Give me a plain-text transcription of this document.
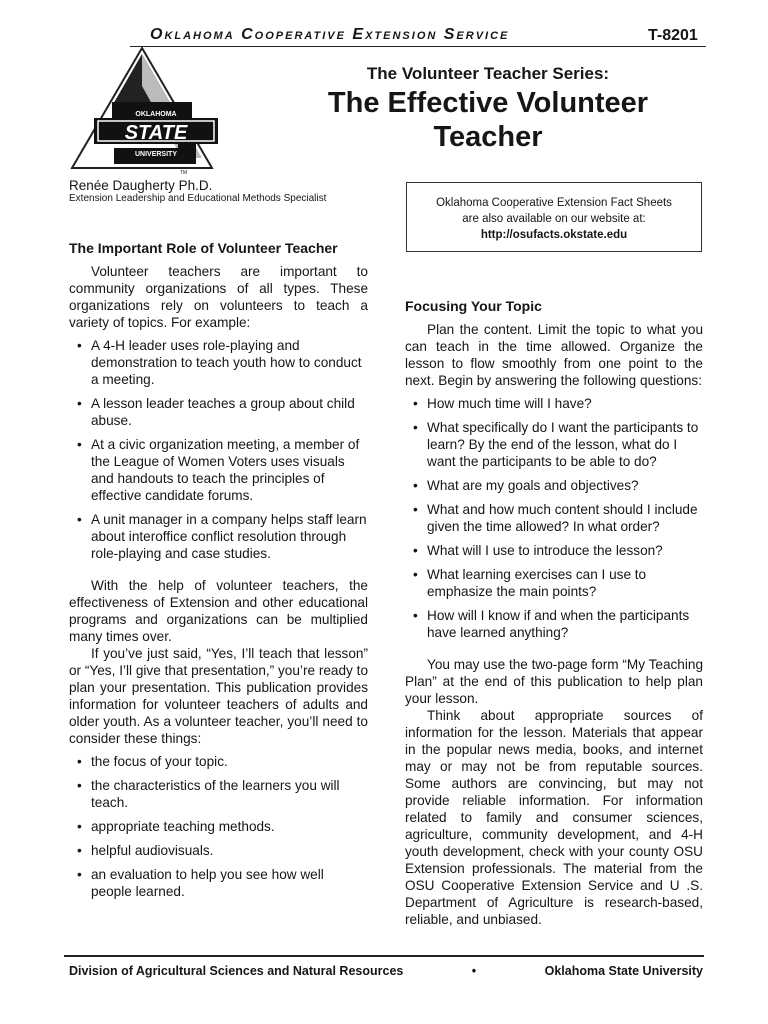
Oklahoma Cooperative Extension Service	T-8201
OKLAHOMA
STATE
UNIVERSITY
TM
The Volunteer Teacher Series:
The Effective Volunteer
Teacher
Renée Daugherty Ph.D.
Extension Leadership and Educational Methods Specialist	Oklahoma Cooperative Extension Fact Sheets
are also available on our website at:
http://osufacts.okstate.edu
The Important Role of Volunteer Teacher

Volunteer teachers are important to community organizations of all types. These organizations rely on volunteers to teach a variety of topics. For example:

• A 4-H leader uses role-playing and demonstration to teach youth how to conduct a meeting.
• A lesson leader teaches a group about child abuse.
• At a civic organization meeting, a member of the League of Women Voters uses visuals and handouts to teach the principles of effective candidate forums.
• A unit manager in a company helps staff learn about interoffice conflict resolution through role-playing and case studies.

With the help of volunteer teachers, the effectiveness of Extension and other educational programs and organizations can be multiplied many times over.

If you’ve just said, “Yes, I’ll teach that lesson” or “Yes, I’ll give that presentation,” you’re ready to plan your presentation. This publication provides information for volunteer teachers of adults and older youth. As a volunteer teacher, you’ll need to consider these things:

• the focus of your topic.
• the characteristics of the learners you will teach.
• appropriate teaching methods.
• helpful audiovisuals.
• an evaluation to help you see how well people learned.
Focusing Your Topic

Plan the content. Limit the topic to what you can teach in the time allowed. Organize the lesson to flow smoothly from one point to the next. Begin by answering the following questions:

• How much time will I have?
• What specifically do I want the participants to learn? By the end of the lesson, what do I want the participants to be able to do?
• What are my goals and objectives?
• What and how much content should I include given the time allowed? In what order?
• What will I use to introduce the lesson?
• What learning exercises can I use to emphasize the main points?
• How will I know if and when the participants have learned anything?

You may use the two-page form “My Teaching Plan” at the end of this publication to help plan your lesson.

Think about appropriate sources of information for the lesson. Materials that appear in the popular news media, books, and internet may or may not be from reputable sources. Some authors are convincing, but may not provide reliable information. For information related to family and consumer sciences, agriculture, community development, and 4-H youth development, check with your county OSU Extension professionals. The material from the OSU Cooperative Extension Service and U .S. Department of Agriculture is research-based, reliable, and unbiased.

Division of Agricultural Sciences and Natural Resources	•	Oklahoma State University
